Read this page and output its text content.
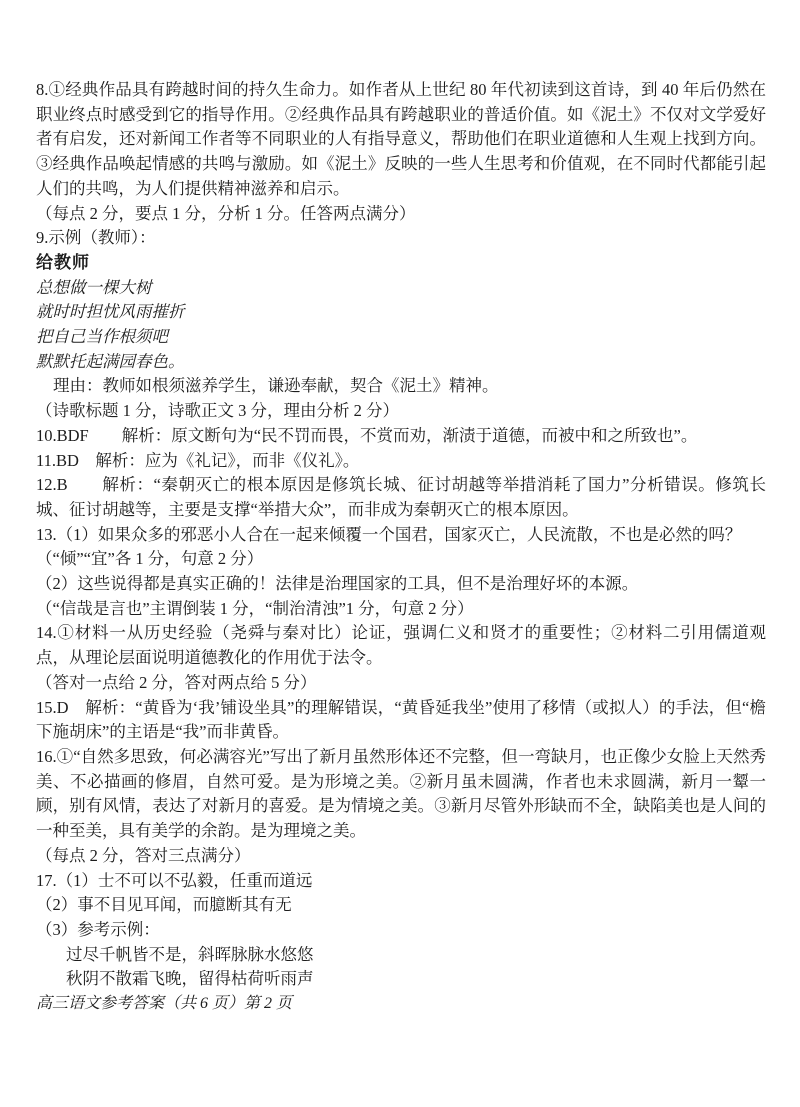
8.①经典作品具有跨越时间的持久生命力。如作者从上世纪 80 年代初读到这首诗，到 40 年后仍然在职业终点时感受到它的指导作用。②经典作品具有跨越职业的普适价值。如《泥土》不仅对文学爱好者有启发，还对新闻工作者等不同职业的人有指导意义，帮助他们在职业道德和人生观上找到方向。③经典作品唤起情感的共鸣与激励。如《泥土》反映的一些人生思考和价值观，在不同时代都能引起人们的共鸣，为人们提供精神滋养和启示。

（每点 2 分，要点 1 分，分析 1 分。任答两点满分）

9.示例（教师）：

给教师

总想做一棵大树

就时时担忧风雨摧折

把自己当作根须吧

默默托起满园春色。

理由：教师如根须滋养学生，谦逊奉献，契合《泥土》精神。

（诗歌标题 1 分，诗歌正文 3 分，理由分析 2 分）

10.BDF　　解析：原文断句为“民不罚而畏，不赏而劝，渐渍于道德，而被中和之所致也”。

11.BD　解析：应为《礼记》，而非《仪礼》。

12.B　　解析：“秦朝灭亡的根本原因是修筑长城、征讨胡越等举措消耗了国力”分析错误。修筑长城、征讨胡越等，主要是支撑“举措大众”，而非成为秦朝灭亡的根本原因。

13.（1）如果众多的邪恶小人合在一起来倾覆一个国君，国家灭亡，人民流散，不也是必然的吗？

（“倾”“宜”各 1 分，句意 2 分）

（2）这些说得都是真实正确的！法律是治理国家的工具，但不是治理好坏的本源。

（“信哉是言也”主谓倒装 1 分，“制治清浊”1 分，句意 2 分）

14.①材料一从历史经验（尧舜与秦对比）论证，强调仁义和贤才的重要性；②材料二引用儒道观点，从理论层面说明道德教化的作用优于法令。

（答对一点给 2 分，答对两点给 5 分）

15.D　解析：“黄昏为‘我’铺设坐具”的理解错误，“黄昏延我坐”使用了移情（或拟人）的手法，但“檐下施胡床”的主语是“我”而非黄昏。

16.①“自然多思致，何必满容光”写出了新月虽然形体还不完整，但一弯缺月，也正像少女脸上天然秀美、不必描画的修眉，自然可爱。是为形境之美。②新月虽未圆满，作者也未求圆满，新月一颦一顾，别有风情，表达了对新月的喜爱。是为情境之美。③新月尽管外形缺而不全，缺陷美也是人间的一种至美，具有美学的余韵。是为理境之美。

（每点 2 分，答对三点满分）

17.（1）士不可以不弘毅，任重而道远

（2）事不目见耳闻，而臆断其有无

（3）参考示例：

过尽千帆皆不是，斜晖脉脉水悠悠

秋阴不散霜飞晚，留得枯荷听雨声

高三语文参考答案（共 6 页）第 2 页
